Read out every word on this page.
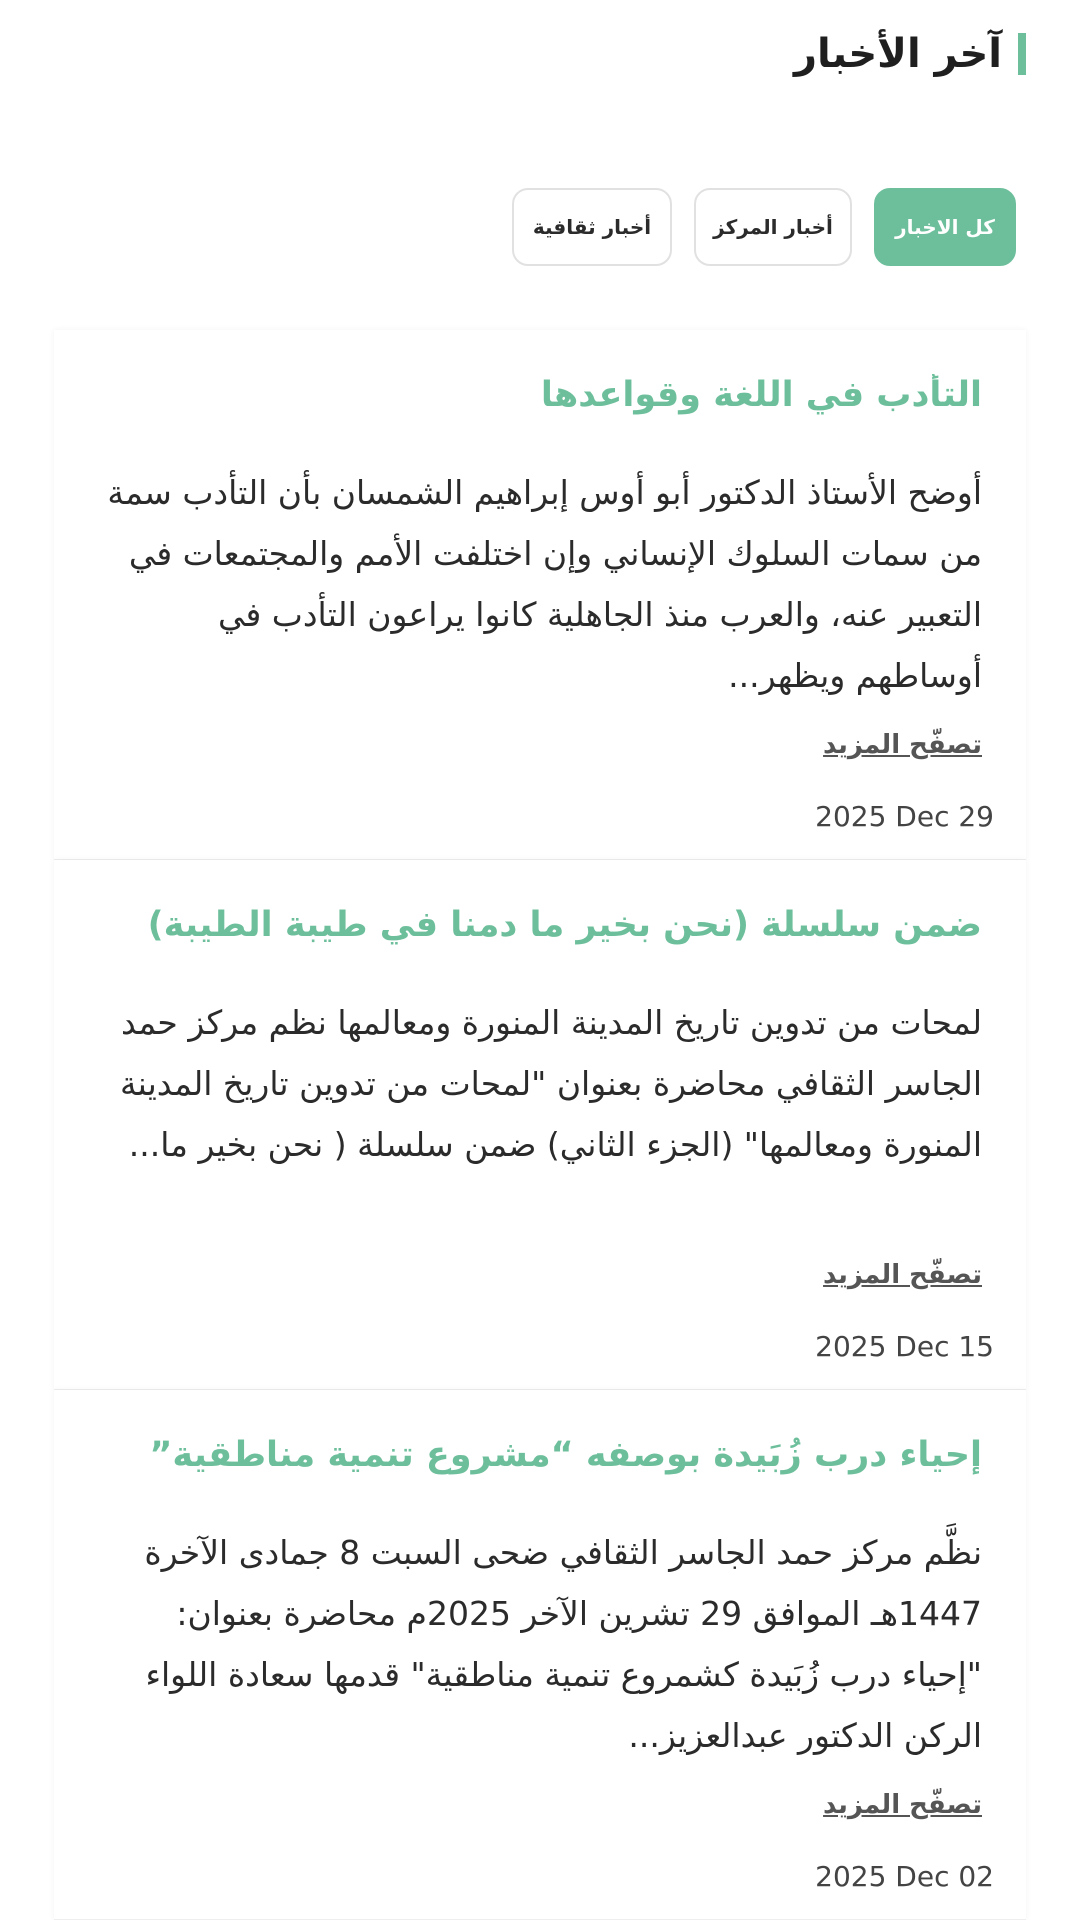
آخر الأخبار
كل الاخبار
أخبار المركز
أخبار ثقافية
التأدب في اللغة وقواعدها
أوضح الأستاذ الدكتور أبو أوس إبراهيم الشمسان بأن التأدب سمة من سمات السلوك الإنساني وإن اختلفت الأمم والمجتمعات في التعبير عنه، والعرب منذ الجاهلية كانوا يراعون التأدب في أوساطهم ويظهر...
تصفّح المزيد
2025 Dec 29
ضمن سلسلة (نحن بخير ما دمنا في طيبة الطيبة)
لمحات من تدوين تاريخ المدينة المنورة ومعالمها نظم مركز حمد الجاسر الثقافي محاضرة بعنوان "لمحات من تدوين تاريخ المدينة المنورة ومعالمها" (الجزء الثاني) ضمن سلسلة ( نحن بخير ما...
تصفّح المزيد
2025 Dec 15
إحياء درب زُبَيدة بوصفه “مشروع تنمية مناطقية”
نظَّم مركز حمد الجاسر الثقافي ضحى السبت 8 جمادى الآخرة 1447هـ الموافق 29 تشرين الآخر 2025م محاضرة بعنوان: "إحياء درب زُبَيدة كشمروع تنمية مناطقية" قدمها سعادة اللواء الركن الدكتور عبدالعزيز...
تصفّح المزيد
2025 Dec 02
